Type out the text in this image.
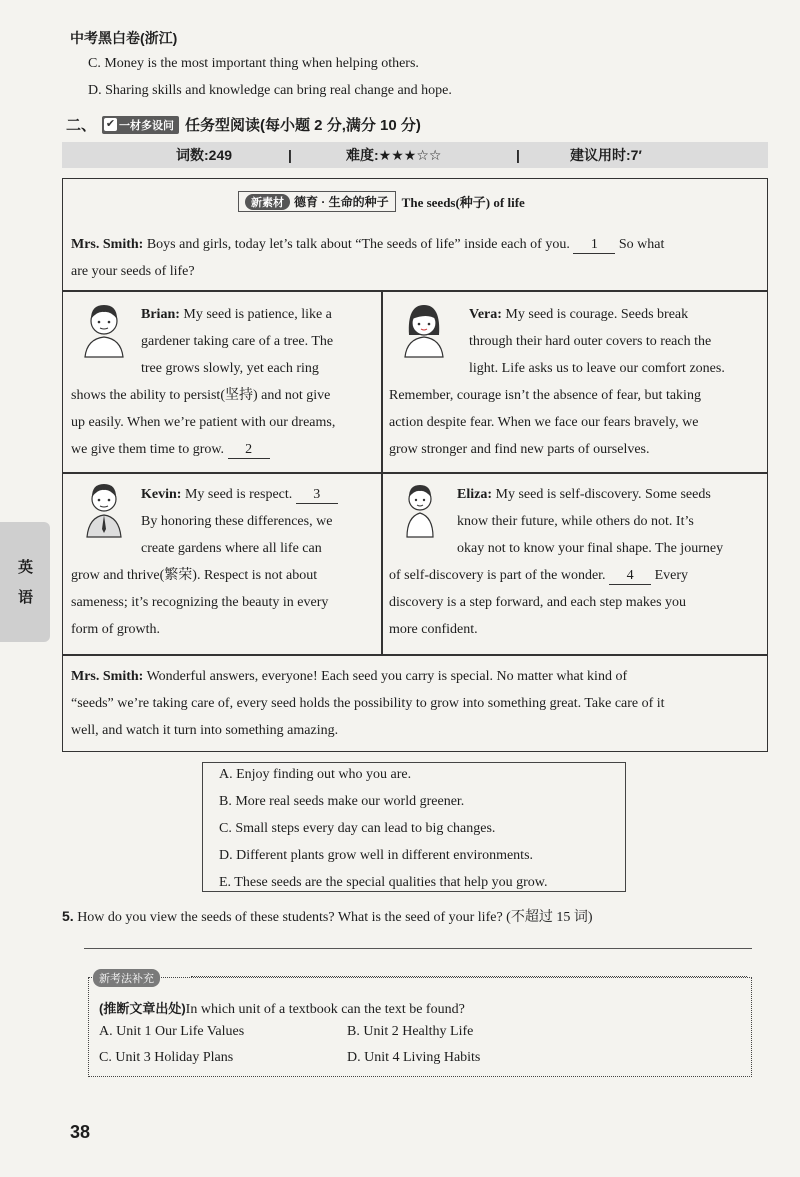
中考黑白卷(浙江)
C. Money is the most important thing when helping others.
D. Sharing skills and knowledge can bring real change and hope.
二、 ✔ 一材多设问 任务型阅读(每小题 2 分,满分 10 分)
词数:249	|	难度:★★★☆☆	|	建议用时:7′
新素材 德育 · 生命的种子 The seeds(种子) of life
Mrs. Smith: Boys and girls, today let’s talk about “The seeds of life” inside each of you. 1 So what
are your seeds of life?
Brian: My seed is patience, like a
gardener taking care of a tree. The
tree grows slowly, yet each ring
shows the ability to persist(坚持) and not give
up easily. When we’re patient with our dreams,
we give them time to grow. 2
Vera: My seed is courage. Seeds break
through their hard outer covers to reach the
light. Life asks us to leave our comfort zones.
Remember, courage isn’t the absence of fear, but taking
action despite fear. When we face our fears bravely, we
grow stronger and find new parts of ourselves.
Kevin: My seed is respect. 3
By honoring these differences, we
create gardens where all life can
grow and thrive(繁荣). Respect is not about
sameness; it’s recognizing the beauty in every
form of growth.
Eliza: My seed is self-discovery. Some seeds
know their future, while others do not. It’s
okay not to know your final shape. The journey
of self-discovery is part of the wonder. 4 Every
discovery is a step forward, and each step makes you
more confident.
Mrs. Smith: Wonderful answers, everyone! Each seed you carry is special. No matter what kind of
“seeds” we’re taking care of, every seed holds the possibility to grow into something great. Take care of it
well, and watch it turn into something amazing.
A. Enjoy finding out who you are.
B. More real seeds make our world greener.
C. Small steps every day can lead to big changes.
D. Different plants grow well in different environments.
E. These seeds are the special qualities that help you grow.
5. How do you view the seeds of these students? What is the seed of your life? (不超过 15 词)
新考法补充
(推断文章出处)In which unit of a textbook can the text be found?
A. Unit 1 Our Life Values	B. Unit 2 Healthy Life
C. Unit 3 Holiday Plans	D. Unit 4 Living Habits
英
语
38
